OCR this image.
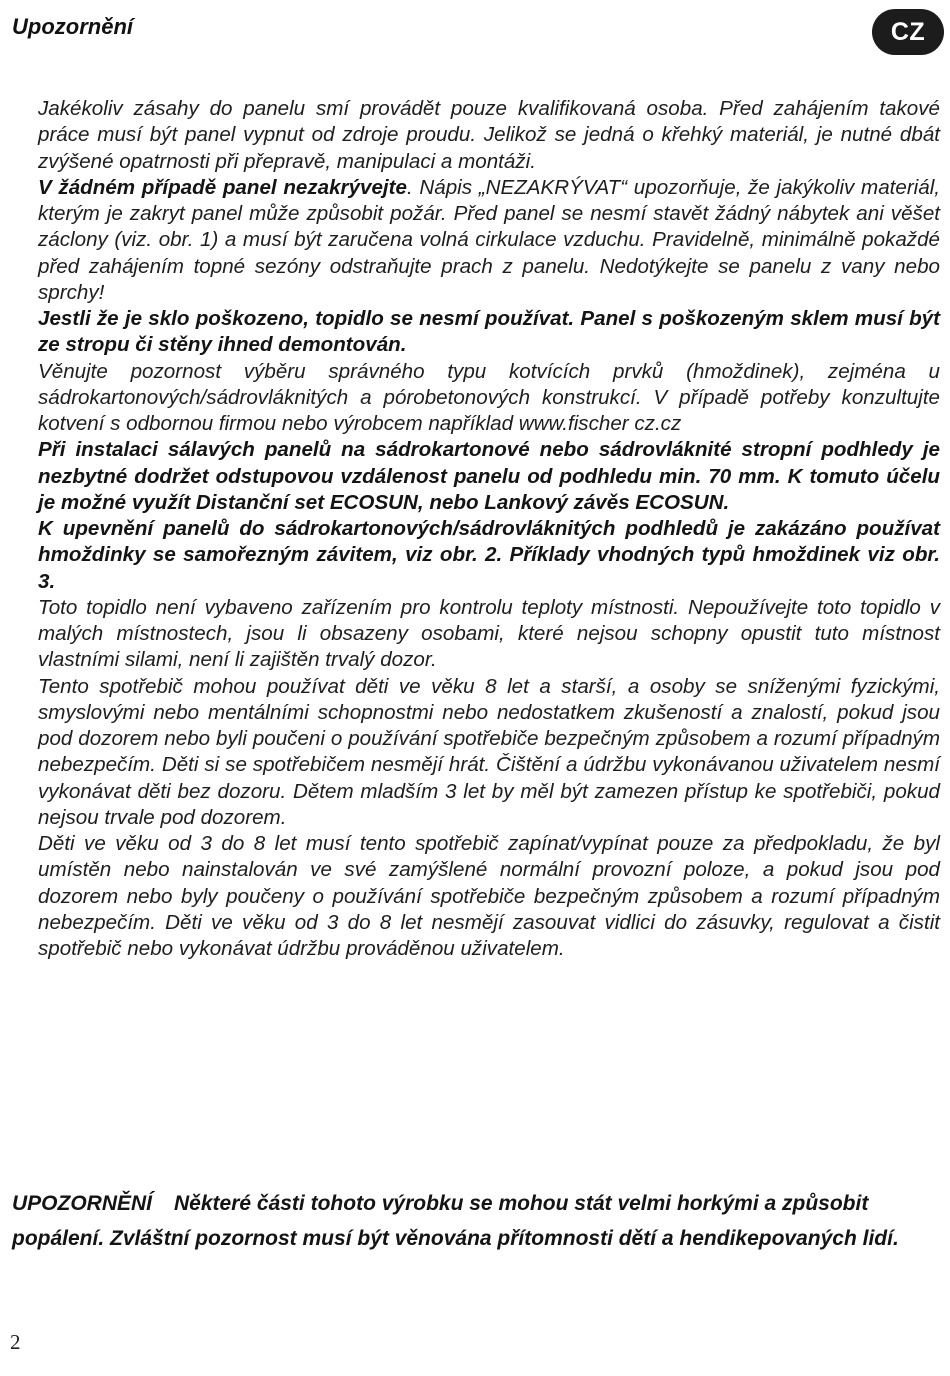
Upozornění	CZ

Jakékoliv zásahy do panelu smí provádět pouze kvalifikovaná osoba. Před zahájením takové práce musí být panel vypnut od zdroje proudu. Jelikož se jedná o křehký materiál, je nutné dbát zvýšené opatrnosti při přepravě, manipulaci a montáži.

V žádném případě panel nezakrývejte. Nápis „NEZAKRÝVAT“ upozorňuje, že jakýkoliv materiál, kterým je zakryt panel může způsobit požár. Před panel se nesmí stavět žádný nábytek ani věšet záclony (viz. obr. 1) a musí být zaručena volná cirkulace vzduchu. Pravidelně, minimálně pokaždé před zahájením topné sezóny odstraňujte prach z panelu. Nedotýkejte se panelu z vany nebo sprchy!

Jestli že je sklo poškozeno, topidlo se nesmí používat. Panel s poškozeným sklem musí být ze stropu či stěny ihned demontován.

Věnujte pozornost výběru správného typu kotvících prvků (hmoždinek), zejména u sádrokartonových/sádrovláknitých a pórobetonových konstrukcí. V případě potřeby konzultujte kotvení s odbornou firmou nebo výrobcem například www.fischer cz.cz

Při instalaci sálavých panelů na sádrokartonové nebo sádrovláknité stropní podhledy je nezbytné dodržet odstupovou vzdálenost panelu od podhledu min. 70 mm. K tomuto účelu je možné využít Distanční set ECOSUN, nebo Lankový závěs ECOSUN.

K upevnění panelů do sádrokartonových/sádrovláknitých podhledů je zakázáno používat hmoždinky se samořezným závitem, viz obr. 2. Příklady vhodných typů hmoždinek viz obr. 3.

Toto topidlo není vybaveno zařízením pro kontrolu teploty místnosti. Nepoužívejte toto topidlo v malých místnostech, jsou li obsazeny osobami, které nejsou schopny opustit tuto místnost vlastními silami, není li zajištěn trvalý dozor.

Tento spotřebič mohou používat děti ve věku 8 let a starší, a osoby se sníženými fyzickými, smyslovými nebo mentálními schopnostmi nebo nedostatkem zkušeností a znalostí, pokud jsou pod dozorem nebo byli poučeni o používání spotřebiče bezpečným způsobem a rozumí případným nebezpečím. Děti si se spotřebičem nesmějí hrát. Čištění a údržbu vykonávanou uživatelem nesmí vykonávat děti bez dozoru. Dětem mladším 3 let by měl být zamezen přístup ke spotřebiči, pokud nejsou trvale pod dozorem.

Děti ve věku od 3 do 8 let musí tento spotřebič zapínat/vypínat pouze za předpokladu, že byl umístěn nebo nainstalován ve své zamýšlené normální provozní poloze, a pokud jsou pod dozorem nebo byly poučeny o používání spotřebiče bezpečným způsobem a rozumí případným nebezpečím. Děti ve věku od 3 do 8 let nesmějí zasouvat vidlici do zásuvky, regulovat a čistit spotřebič nebo vykonávat údržbu prováděnou uživatelem.

UPOZORNĚNÍ Některé části tohoto výrobku se mohou stát velmi horkými a způsobit popálení. Zvláštní pozornost musí být věnována přítomnosti dětí a hendikepovaných lidí.
2
